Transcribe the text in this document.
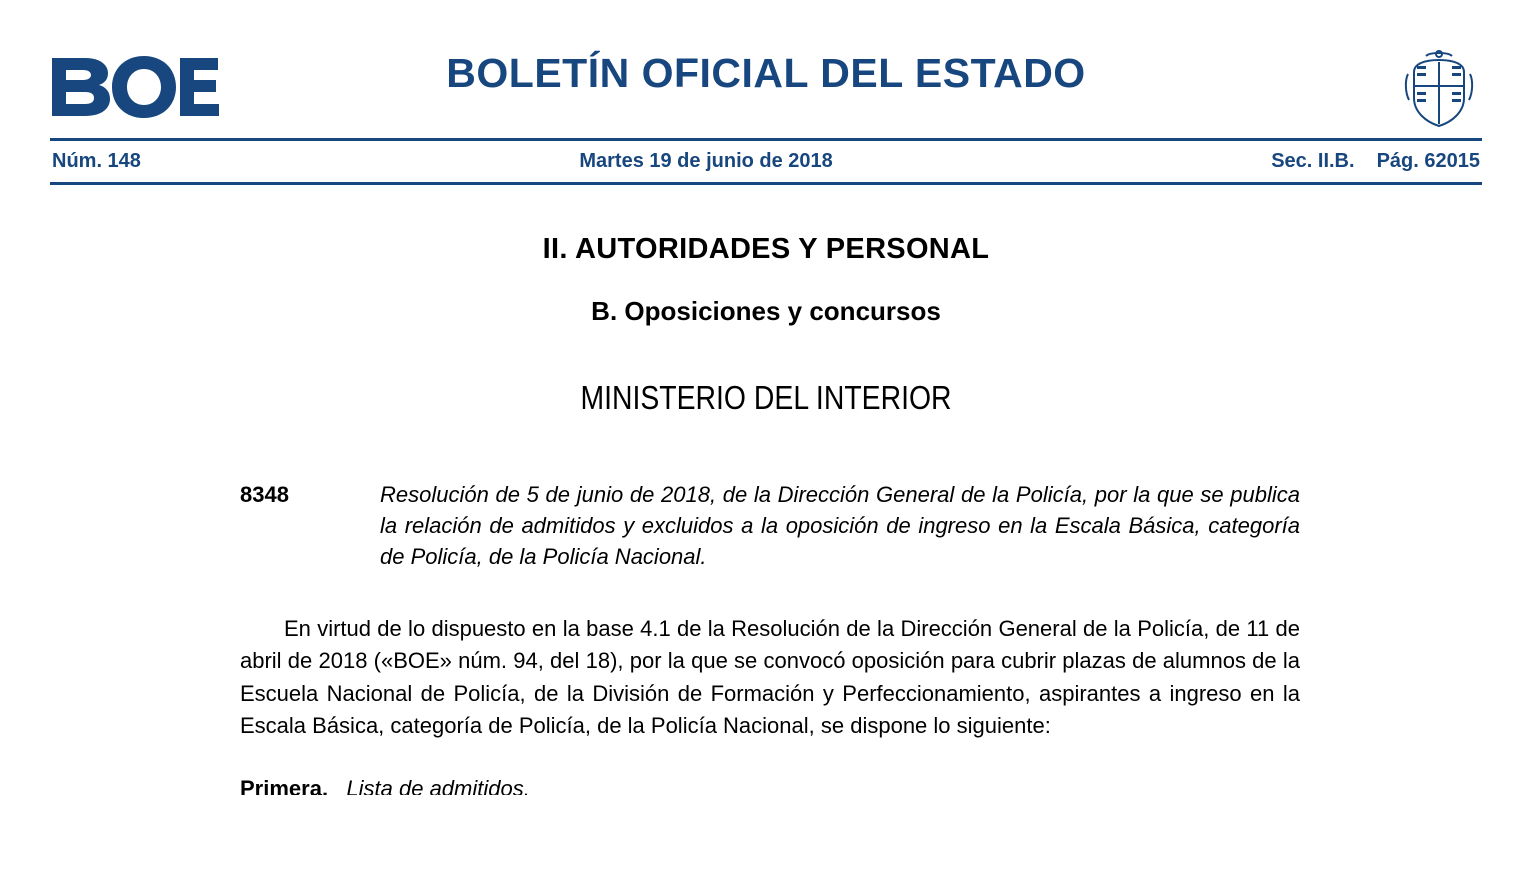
BOLETÍN OFICIAL DEL ESTADO
Núm. 148	Martes 19 de junio de 2018	Sec. II.B. Pág. 62015
II. AUTORIDADES Y PERSONAL
B. Oposiciones y concursos
MINISTERIO DEL INTERIOR
8348	Resolución de 5 de junio de 2018, de la Dirección General de la Policía, por la que se publica la relación de admitidos y excluidos a la oposición de ingreso en la Escala Básica, categoría de Policía, de la Policía Nacional.
En virtud de lo dispuesto en la base 4.1 de la Resolución de la Dirección General de la Policía, de 11 de abril de 2018 («BOE» núm. 94, del 18), por la que se convocó oposición para cubrir plazas de alumnos de la Escuela Nacional de Policía, de la División de Formación y Perfeccionamiento, aspirantes a ingreso en la Escala Básica, categoría de Policía, de la Policía Nacional, se dispone lo siguiente:
Primera. Lista de admitidos.
